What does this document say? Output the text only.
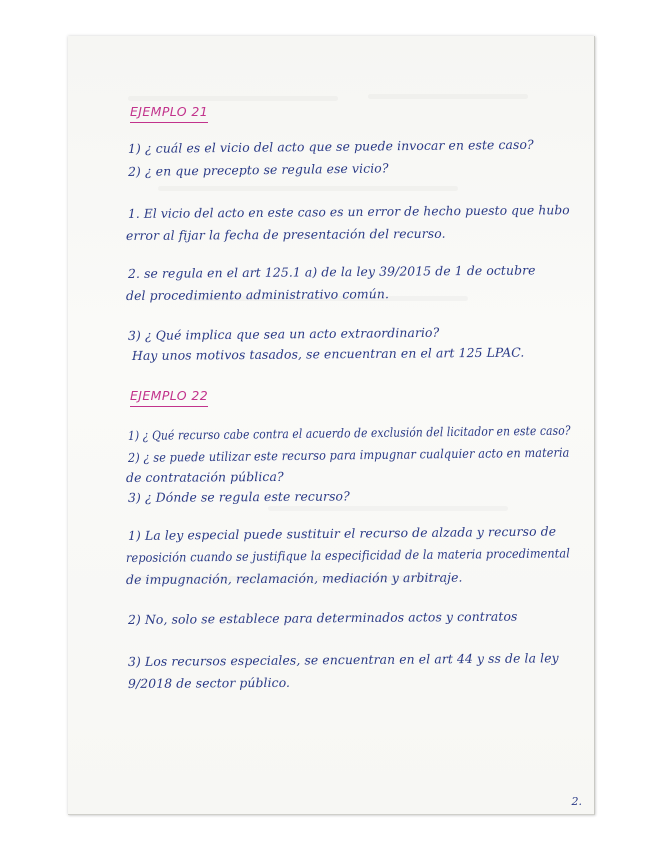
EJEMPLO 21

1) ¿ cuál es el vicio del acto que se puede invocar en este caso?

2) ¿ en que precepto se regula ese vicio?

1. El vicio del acto en este caso es un error de hecho puesto que hubo

error al fijar la fecha de presentación del recurso.

2. se regula en el art 125.1 a) de la ley 39/2015 de 1 de octubre

del procedimiento administrativo común.

3) ¿ Qué implica que sea un acto extraordinario?

Hay unos motivos tasados, se encuentran en el art 125 LPAC.

EJEMPLO 22

1) ¿ Qué recurso cabe contra el acuerdo de exclusión del licitador en este caso?

2) ¿ se puede utilizar este recurso para impugnar cualquier acto en materia

de contratación pública?

3) ¿ Dónde se regula este recurso?

1) La ley especial puede sustituir el recurso de alzada y recurso de

reposición cuando se justifique la especificidad de la materia procedimental

de impugnación, reclamación, mediación y arbitraje.

2) No, solo se establece para determinados actos y contratos

3) Los recursos especiales, se encuentran en el art 44 y ss de la ley

9/2018 de sector público.

2.
